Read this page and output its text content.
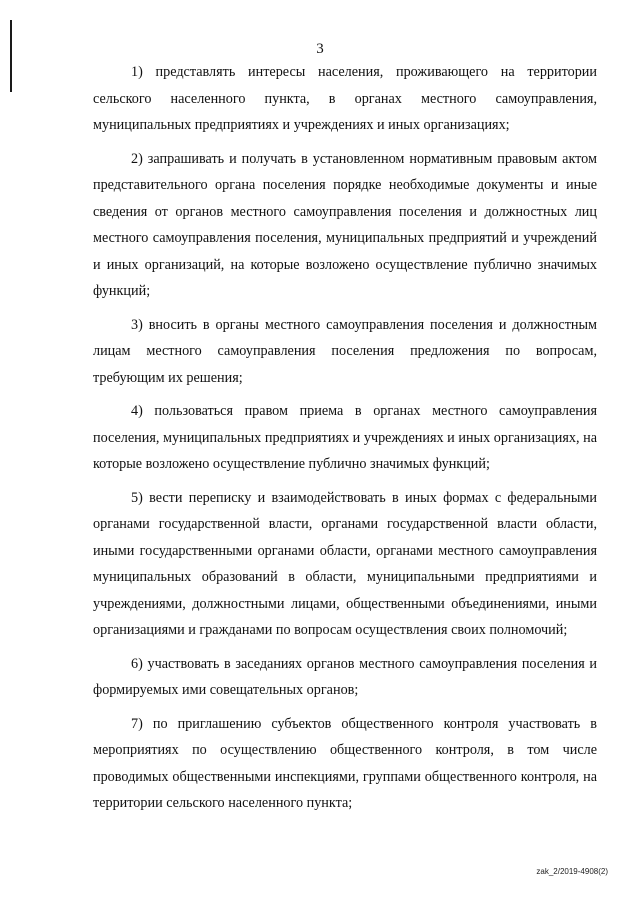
3

1) представлять интересы населения, проживающего на территории сельского населенного пункта, в органах местного самоуправления, муниципальных предприятиях и учреждениях и иных организациях;

2) запрашивать и получать в установленном нормативным правовым актом представительного органа поселения порядке необходимые документы и иные сведения от органов местного самоуправления поселения и должностных лиц местного самоуправления поселения, муниципальных предприятий и учреждений и иных организаций, на которые возложено осуществление публично значимых функций;

3) вносить в органы местного самоуправления поселения и должностным лицам местного самоуправления поселения предложения по вопросам, требующим их решения;

4) пользоваться правом приема в органах местного самоуправления поселения, муниципальных предприятиях и учреждениях и иных организациях, на которые возложено осуществление публично значимых функций;

5) вести переписку и взаимодействовать в иных формах с федеральными органами государственной власти, органами государственной власти области, иными государственными органами области, органами местного самоуправления муниципальных образований в области, муниципальными предприятиями и учреждениями, должностными лицами, общественными объединениями, иными организациями и гражданами по вопросам осуществления своих полномочий;

6) участвовать в заседаниях органов местного самоуправления поселения и формируемых ими совещательных органов;

7) по приглашению субъектов общественного контроля участвовать в мероприятиях по осуществлению общественного контроля, в том числе проводимых общественными инспекциями, группами общественного контроля, на территории сельского населенного пункта;

zak_2/2019-4908(2)
